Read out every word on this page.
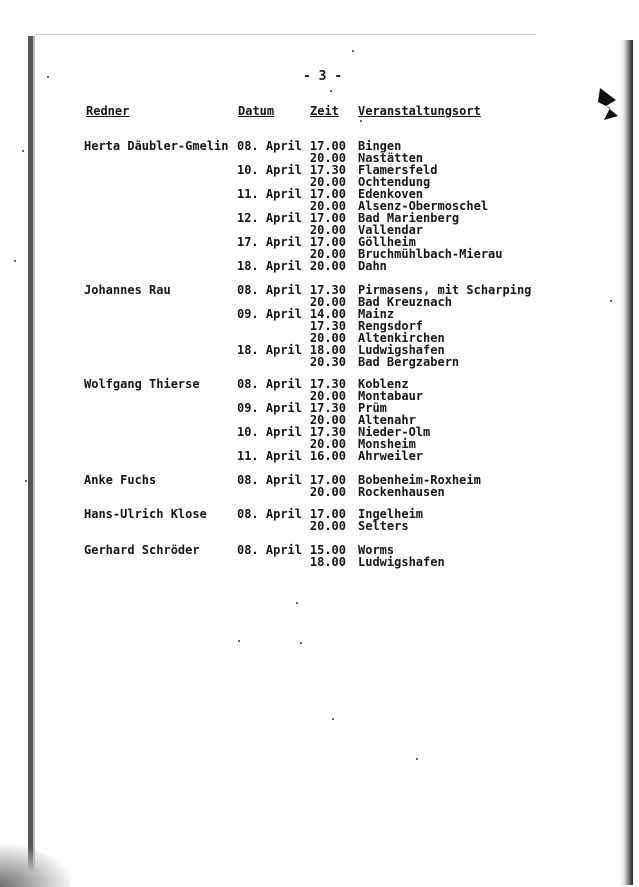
- 3 -
Redner	Datum	Zeit Veranstaltungsort
Herta Däubler-Gmelin 08. April 17.00 Bingen
20.00 Nastätten
10. April 17.30 Flamersfeld
20.00 Ochtendung
11. April 17.00 Edenkoven
20.00 Alsenz-Obermoschel
12. April 17.00 Bad Marienberg
20.00 Vallendar
17. April 17.00 Göllheim
20.00 Bruchmühlbach-Mierau
18. April 20.00 Dahn
Johannes Rau	08. April 17.30 Pirmasens, mit Scharping
20.00 Bad Kreuznach
09. April 14.00 Mainz
17.30 Rengsdorf
20.00 Altenkirchen
18. April 18.00 Ludwigshafen
20.30 Bad Bergzabern
Wolfgang Thierse	08. April 17.30 Koblenz
20.00 Montabaur
09. April 17.30 Prüm
20.00 Altenahr
10. April 17.30 Nieder-Olm
20.00 Monsheim
11. April 16.00 Ahrweiler
Anke Fuchs	08. April 17.00 Bobenheim-Roxheim
20.00 Rockenhausen
Hans-Ulrich Klose	08. April 17.00 Ingelheim
20.00 Selters
Gerhard Schröder	08. April 15.00 Worms
18.00 Ludwigshafen
